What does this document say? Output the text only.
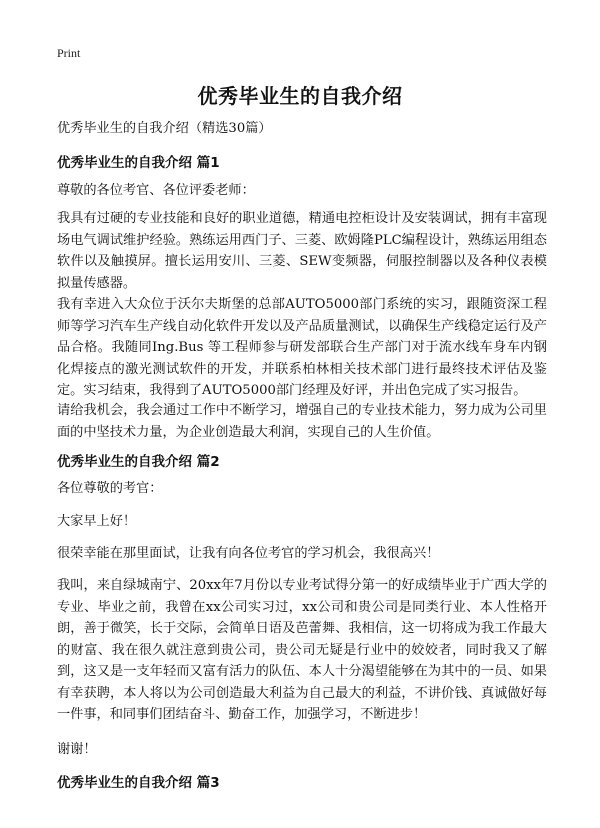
Print
优秀毕业生的自我介绍
优秀毕业生的自我介绍（精选30篇）
优秀毕业生的自我介绍 篇1
尊敬的各位考官、各位评委老师：
我具有过硬的专业技能和良好的职业道德，精通电控柜设计及安装调试，拥有丰富现场电气调试维护经验。熟练运用西门子、三菱、欧姆隆PLC编程设计，熟练运用组态软件以及触摸屏。擅长运用安川、三菱、SEW变频器，伺服控制器以及各种仪表模拟量传感器。
我有幸进入大众位于沃尔夫斯堡的总部AUTO5000部门系统的实习，跟随资深工程师等学习汽车生产线自动化软件开发以及产品质量测试，以确保生产线稳定运行及产品合格。我随同Ing.Bus 等工程师参与研发部联合生产部门对于流水线车身车内钢化焊接点的激光测试软件的开发，并联系柏林相关技术部门进行最终技术评估及鉴定。实习结束，我得到了AUTO5000部门经理及好评，并出色完成了实习报告。
请给我机会，我会通过工作中不断学习，增强自己的专业技术能力，努力成为公司里面的中坚技术力量，为企业创造最大利润，实现自己的人生价值。
优秀毕业生的自我介绍 篇2
各位尊敬的考官：
大家早上好！
很荣幸能在那里面试，让我有向各位考官的学习机会，我很高兴！
我叫，来自绿城南宁、20xx年7月份以专业考试得分第一的好成绩毕业于广西大学的专业、毕业之前，我曾在xx公司实习过，xx公司和贵公司是同类行业、本人性格开朗，善于微笑，长于交际，会简单日语及芭蕾舞、我相信，这一切将成为我工作最大的财富、我在很久就注意到贵公司，贵公司无疑是行业中的姣姣者，同时我又了解到，这又是一支年轻而又富有活力的队伍、本人十分渴望能够在为其中的一员、如果有幸获聘，本人将以为公司创造最大利益为自己最大的利益，不讲价钱、真诚做好每一件事，和同事们团结奋斗、勤奋工作，加强学习，不断进步！
谢谢！
优秀毕业生的自我介绍 篇3
